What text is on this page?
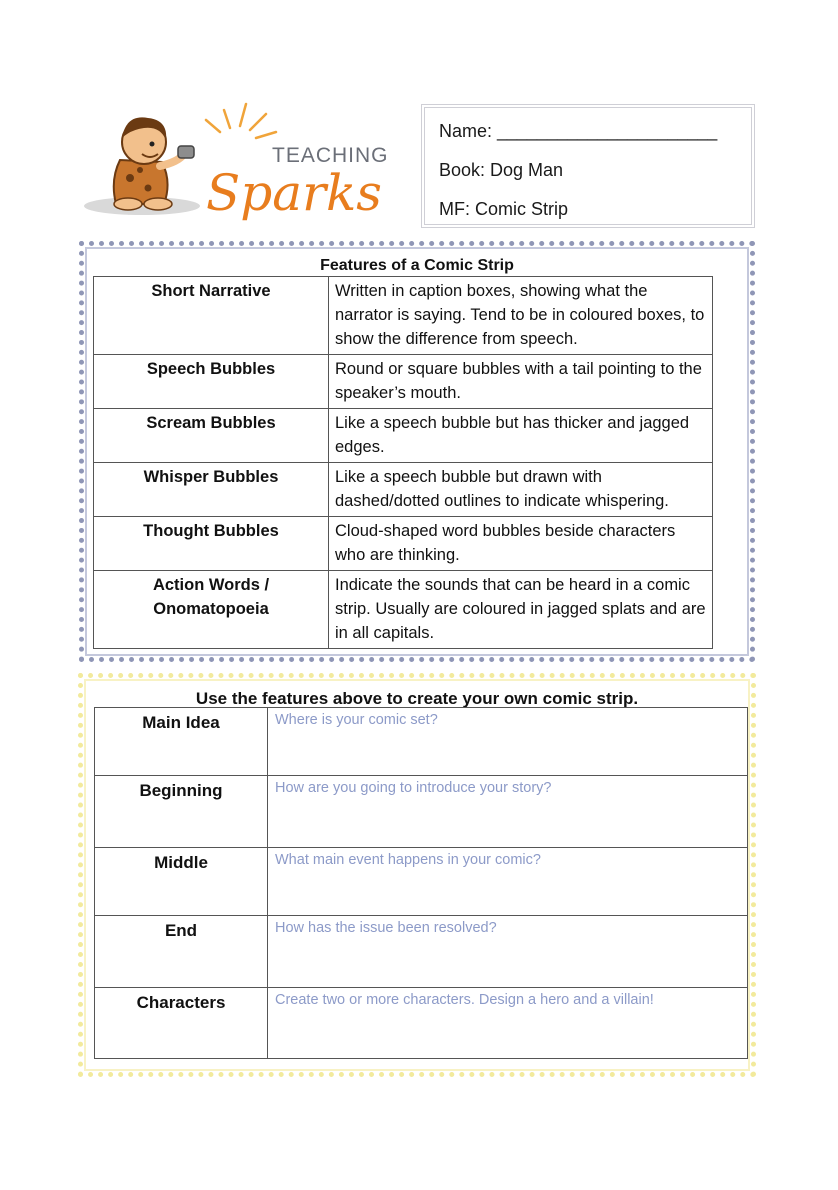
TEACHING
Sparks
Name: ______________________
Book: Dog Man
MF: Comic Strip
Features of a Comic Strip
Short Narrative	Written in caption boxes, showing what the narrator is saying. Tend to be in coloured boxes, to show the difference from speech.
Speech Bubbles	Round or square bubbles with a tail pointing to the speaker’s mouth.
Scream Bubbles	Like a speech bubble but has thicker and jagged edges.
Whisper Bubbles	Like a speech bubble but drawn with dashed/dotted outlines to indicate whispering.
Thought Bubbles	Cloud-shaped word bubbles beside characters who are thinking.
Action Words / Onomatopoeia	Indicate the sounds that can be heard in a comic strip. Usually are coloured in jagged splats and are in all capitals.
Use the features above to create your own comic strip.
Main Idea	Where is your comic set?
Beginning	How are you going to introduce your story?
Middle	What main event happens in your comic?
End	How has the issue been resolved?
Characters	Create two or more characters. Design a hero and a villain!
